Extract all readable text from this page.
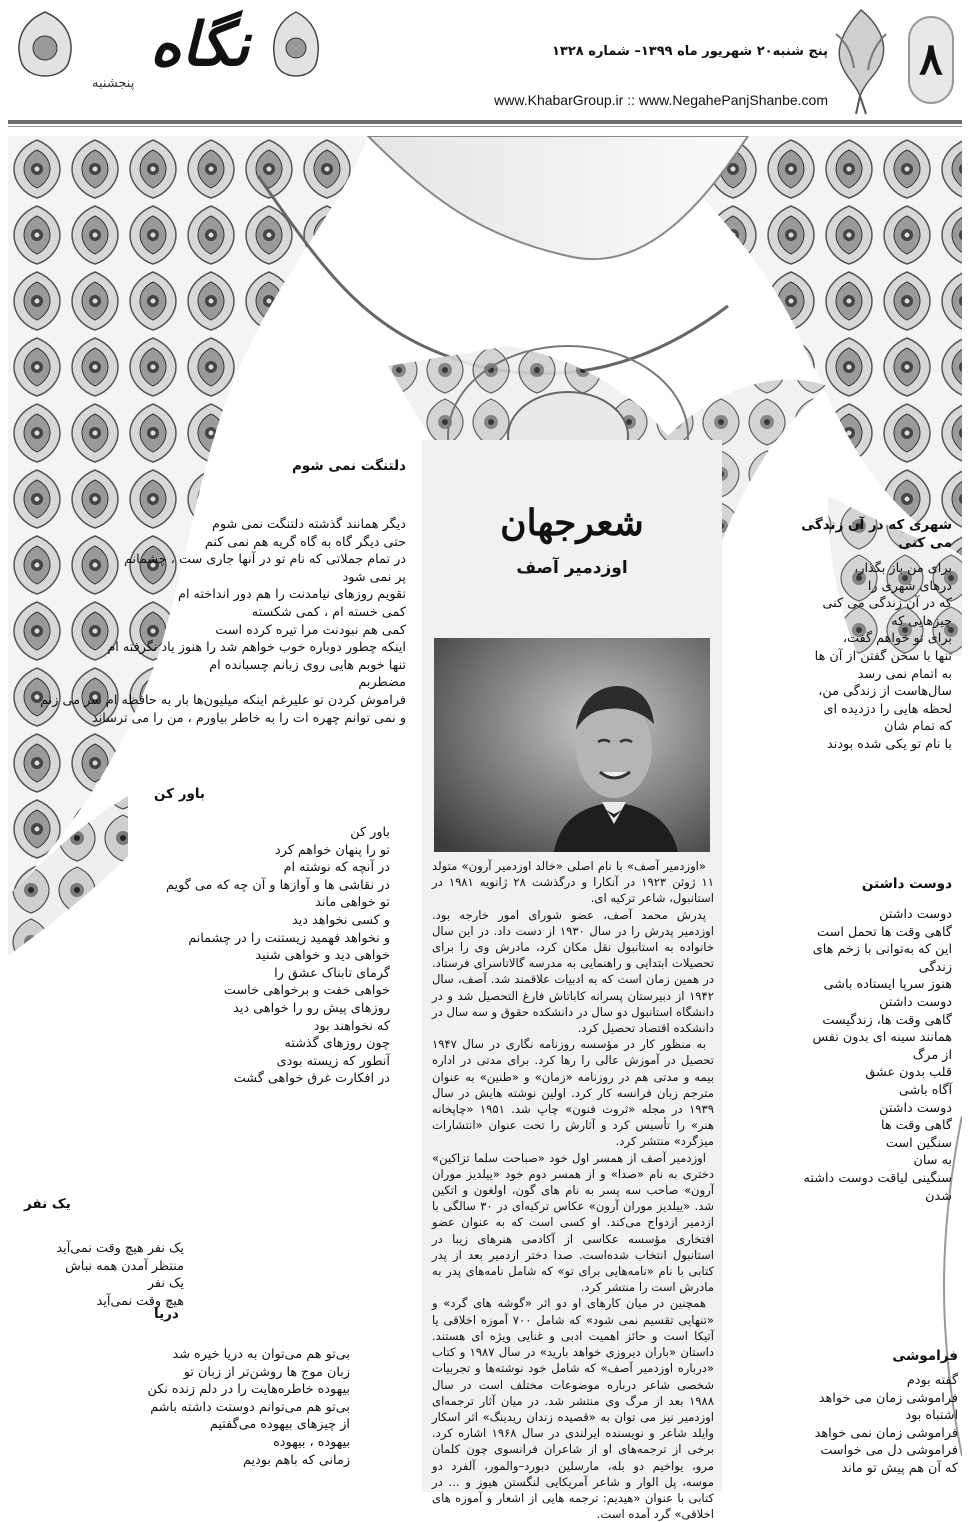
۸
پنج شنبه۲۰ شهریور ماه ۱۳۹۹– شماره ۱۳۲۸
www.KhabarGroup.ir :: www.NegahePanjShanbe.com
نگاه
پنجشنبه
دلتنگت نمی شوم
دیگر همانند گذشته دلتنگت نمی شوم
حتی دیگر گاه به گاه گریه هم نمی کنم
در تمام جملاتی که نام تو در آنها جاری ست ، چشمانم
پر نمی شود
تقویم روزهای نیامدنت را هم دور انداخته ام
کمی خسته ام ، کمی شکسته
کمی هم نبودنت مرا تیره کرده است
اینکه چطور دوباره خوب خواهم شد را هنوز یاد نگرفته ام
تنها خوبم هایی روی زبانم چسبانده ام
مضطربم
فراموش کردن تو علیرغم اینکه میلیون‌ها بار به حافظه ام سر می زنم
و نمی توانم چهره ات را به خاطر بیاورم ، من را می ترساند
باور کن
باور کن
تو را پنهان خواهم کرد
در آنچه که نوشته ام
در نقاشی ها و آوازها و آن چه که می گویم
تو خواهی ماند
و کسی نخواهد دید
و نخواهد فهمید زیستنت را در چشمانم
خواهی دید و خواهی شنید
گرمای تابناک عشق را
خواهی خفت و برخواهی خاست
روزهای پیش رو را خواهی دید
که نخواهند بود
چون روزهای گذشته
آنطور که زیسته بودی
در افکارت غرق خواهی گشت
یک نفر
یک نفر هیچ وقت نمی‌آید
منتظر آمدن همه نباش
یک نفر
هیچ وقت نمی‌آید
دریا
بی‌تو هم می‌توان به دریا خیره شد
زبان موج ها روشن‌تر از زبان تو
بیهوده خاطره‌هایت را در دلم زنده نکن
بی‌تو هم می‌توانم دوستت داشته باشم
از چیزهای بیهوده می‌گفتیم
بیهوده ، بیهوده
زمانی که باهم بودیم
شعرجهان
اوزدمیر آصف

«اوزدمیر آصف» با نام اصلی «خالد اوزدمیر آرون» متولد ۱۱ ژوئن ۱۹۲۳ در آنکارا و درگذشت ۲۸ ژانویه ۱۹۸۱ در استانبول، شاعر ترکیه ای.

پدرش محمد آصف، عضو شورای امور خارجه بود. اوزدمیر پدرش را در سال ۱۹۳۰ از دست داد. در این سال خانواده به استانبول نقل مکان کرد، مادرش وی را برای تحصیلات ابتدایی و راهنمایی به مدرسه گالاتاسرای فرستاد. در همین زمان است که به ادبیات علاقمند شد. آصف، سال ۱۹۴۲ از دبیرستان پسرانه کاباتاش فارغ التحصیل شد و در دانشگاه استانبول دو سال در دانشکده حقوق و سه سال در دانشکده اقتصاد تحصیل کرد.

به منظور کار در مؤسسه روزنامه نگاری در سال ۱۹۴۷ تحصیل در آموزش عالی را رها کرد. برای مدتی در اداره بیمه و مدتی هم در روزنامه «زمان» و «طنین» به عنوان مترجم زبان فرانسه کار کرد. اولین نوشته هایش در سال ۱۹۳۹ در مجله «ثروت فنون» چاپ شد. ۱۹۵۱ «چاپخانه هنر» را تأسیس کرد و آثارش را تحت عنوان «انتشارات میزگرد» منتشر کرد.

اوزدمیر آصف از همسر اول خود «صباحت سلما تزاکین» دختری به نام «صدا» و از همسر دوم خود «ییلدیز موران آرون» صاحب سه پسر به نام های گون، اولغون و اتکین شد. «ییلدیز موران آرون» عکاس ترکیه‌ای در ۳۰ سالگی با ازدمیر ازدواج می‌کند. او کسی است که به عنوان عضو افتخاری مؤسسه عکاسی از آکادمی هنرهای زیبا در استانبول انتخاب شده‌است. صدا دختر ازدمیر بعد از پدر کتابی با نام «نامه‌هایی برای تو» که شامل نامه‌های پدر به مادرش است را منتشر کرد.

همچنین در میان کارهای او دو اثر «گوشه های گرد» و «تنهایی تقسیم نمی شود» که شامل ۷۰۰ آموزه اخلاقی یا آتیکا است و حائز اهمیت ادبی و غنایی ویژه ای هستند. داستان «باران دیروزی خواهد بارید» در سال ۱۹۸۷ و کتاب «درباره اوزدمیر آصف» که شامل خود نوشته‌ها و تجربیات شخصی شاعر درباره موضوعات مختلف است در سال ۱۹۸۸ بعد از مرگ وی منتشر شد. در میان آثار ترجمه‌ای اوزدمیر نیز می توان به «قصیده زندان ریدینگ» اثر اسکار وایلد شاعر و نویسنده ایرلندی در سال ۱۹۶۸ اشاره کرد. برخی از ترجمه‌های او از شاعران فرانسوی چون کلمان مرو، یواخیم دو بله، مارسلین دبورد–والمور، آلفرد دو موسه، پل الوار و شاعر آمریکایی لنگستن هیوز و ... در کتابی با عنوان «هیدیم: ترجمه هایی از اشعار و آموزه های اخلاقی» گرد آمده است.

شهری که در آن زندگی می کنی
برای من باز بگذار،
درهای شهری را
که در آن زندگی می کنی
چیزهایی که
برای تو خواهم گفت،
تنها با سخن گفتن از آن ها
به اتمام نمی رسد
سال‌هاست از زندگی من،
لحظه هایی را دزدیده ای
که تمام شان
با نام تو یکی شده بودند
دوست داشتن
دوست داشتن
گاهی وقت ها تحمل است
این که به‌توانی با زخم های
زندگی
هنوز سرپا ایستاده باشی
دوست داشتن
گاهی وقت ها، زندگیست
همانند سینه ای بدون نفس
از مرگ
قلب بدون عشق
آگاه باشی
دوست داشتن
گاهی وقت ها
سنگین است
به سان
سنگینی لیاقت دوست داشته
شدن
فراموشی
گفته بودم
فراموشی زمان می خواهد
اشتباه بود
فراموشی زمان نمی خواهد
فراموشی دل می خواست
که آن هم پیش تو ماند
